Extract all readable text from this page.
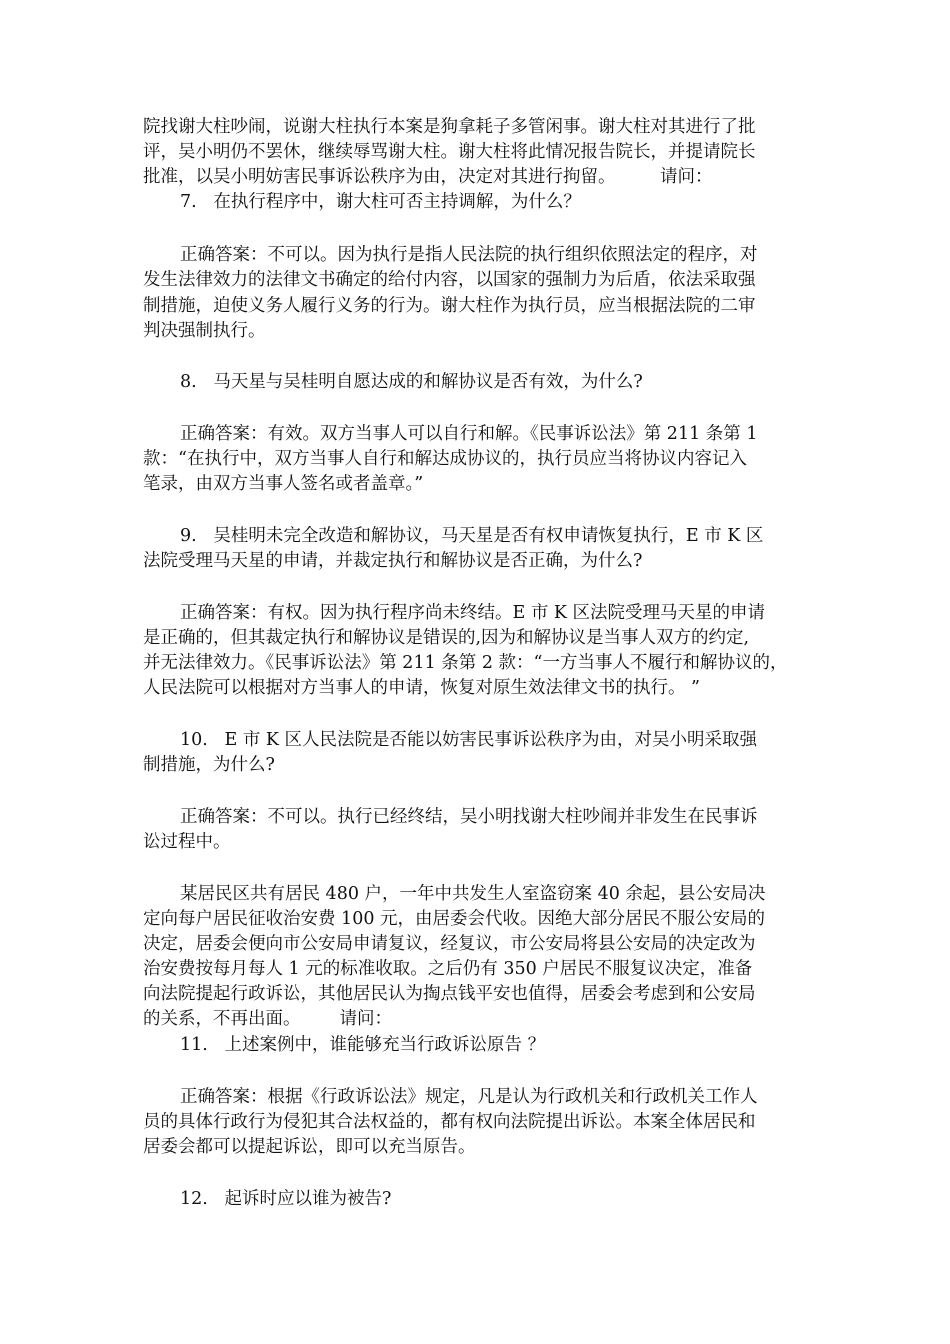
院找谢大柱吵闹，说谢大柱执行本案是狗拿耗子多管闲事。谢大柱对其进行了批
评，吴小明仍不罢休，继续辱骂谢大柱。谢大柱将此情况报告院长，并提请院长
批准，以吴小明妨害民事诉讼秩序为由，决定对其进行拘留。        请问：
7.   在执行程序中，谢大柱可否主持调解，为什么？
正确答案：不可以。因为执行是指人民法院的执行组织依照法定的程序，对
发生法律效力的法律文书确定的给付内容，以国家的强制力为后盾，依法采取强
制措施，迫使义务人履行义务的行为。谢大柱作为执行员，应当根据法院的二审
判决强制执行。
8.   马天星与吴桂明自愿达成的和解协议是否有效，为什么?
正确答案：有效。双方当事人可以自行和解。《民事诉讼法》第 211 条第 1
款：“在执行中，双方当事人自行和解达成协议的，执行员应当将协议内容记入
笔录，由双方当事人签名或者盖章。”
9.   吴桂明未完全改造和解协议，马天星是否有权申请恢复执行，E 市 K 区
法院受理马天星的申请，并裁定执行和解协议是否正确，为什么?
正确答案：有权。因为执行程序尚未终结。E 市 K 区法院受理马天星的申请
是正确的，但其裁定执行和解协议是错误的,因为和解协议是当事人双方的约定,
并无法律效力。《民事诉讼法》第 211 条第 2 款：“一方当事人不履行和解协议的，
人民法院可以根据对方当事人的申请，恢复对原生效法律文书的执行。 ”
10.   E 市 K 区人民法院是否能以妨害民事诉讼秩序为由，对吴小明采取强
制措施，为什么?
正确答案：不可以。执行已经终结，吴小明找谢大柱吵闹并非发生在民事诉
讼过程中。
某居民区共有居民 480 户，一年中共发生人室盗窃案 40 余起，县公安局决
定向每户居民征收治安费 100 元，由居委会代收。因绝大部分居民不服公安局的
决定，居委会便向市公安局申请复议，经复议，市公安局将县公安局的决定改为
治安费按每月每人 1 元的标准收取。之后仍有 350 户居民不服复议决定，准备
向法院提起行政诉讼，其他居民认为掏点钱平安也值得，居委会考虑到和公安局
的关系，不再出面。       请问：
11.   上述案例中，谁能够充当行政诉讼原告 ？
正确答案：根据《行政诉讼法》规定，凡是认为行政机关和行政机关工作人
员的具体行政行为侵犯其合法权益的，都有权向法院提出诉讼。本案全体居民和
居委会都可以提起诉讼，即可以充当原告。
12.   起诉时应以谁为被告?
